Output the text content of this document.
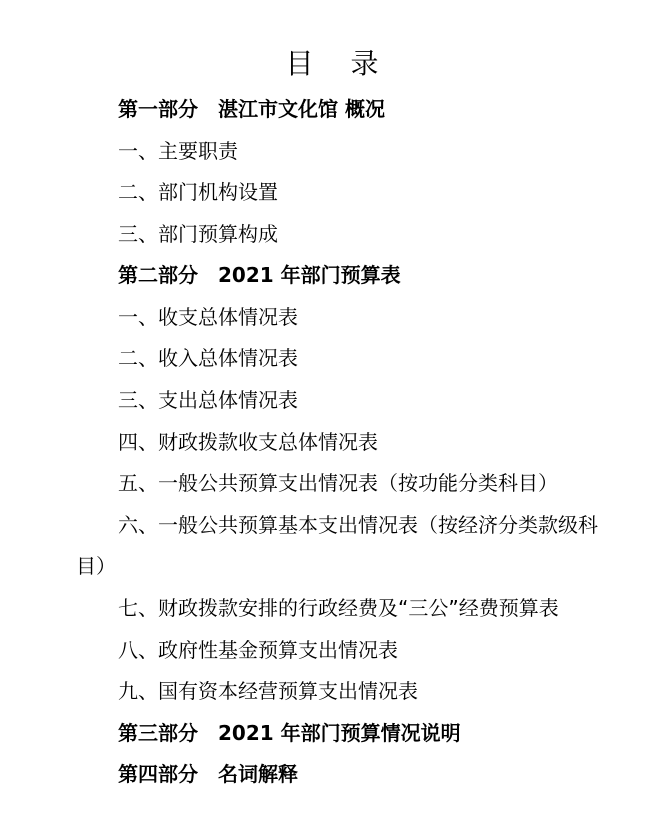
目 录
第一部分 湛江市文化馆 概况
一、主要职责
二、部门机构设置
三、部门预算构成
第二部分 2021 年部门预算表
一、收支总体情况表
二、收入总体情况表
三、支出总体情况表
四、财政拨款收支总体情况表
五、一般公共预算支出情况表（按功能分类科目）
六、一般公共预算基本支出情况表（按经济分类款级科
目）
七、财政拨款安排的行政经费及“三公”经费预算表
八、政府性基金预算支出情况表
九、国有资本经营预算支出情况表
第三部分 2021 年部门预算情况说明
第四部分 名词解释
